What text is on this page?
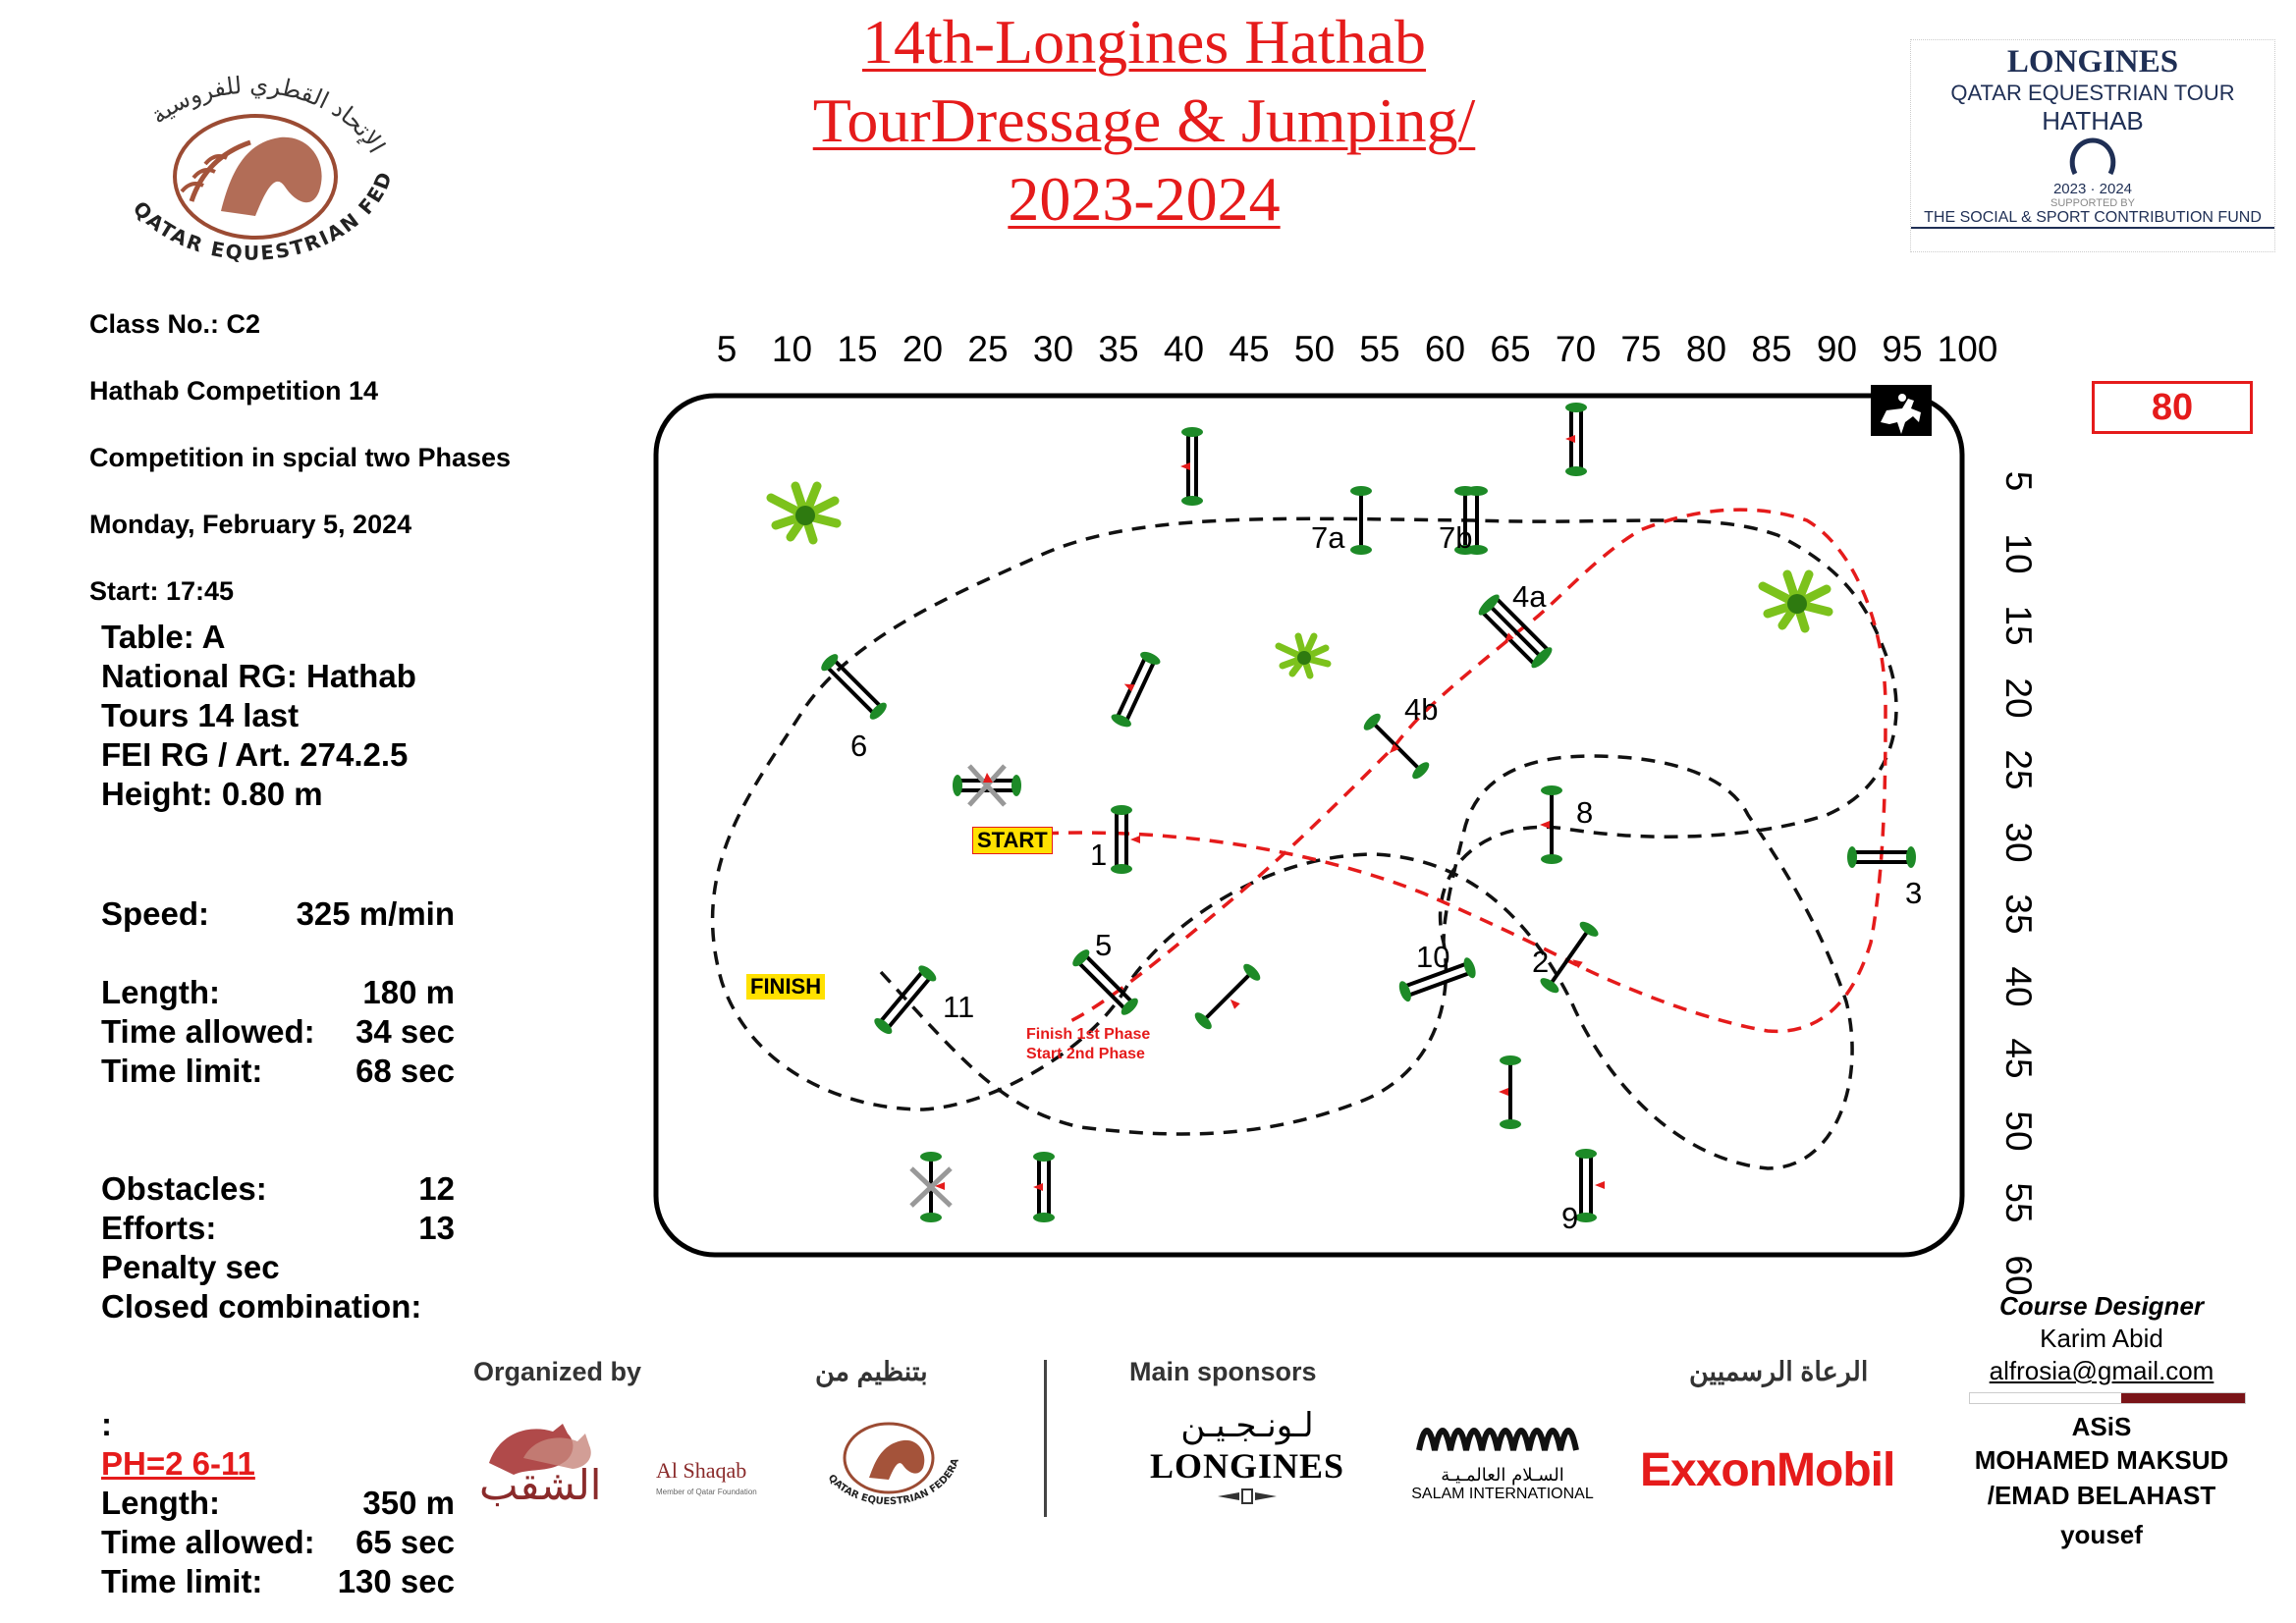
الإتحاد القطري للفروسية
QATAR EQUESTRIAN FED
14th-Longines Hathab
TourDressage & Jumping/
2023-2024
LONGINES
QATAR EQUESTRIAN TOUR
HATHAB
2023 · 2024
SUPPORTED BY
THE SOCIAL & SPORT CONTRIBUTION FUND
Class No.: C2
Hathab Competition 14
Competition in spcial two Phases
Monday, February 5, 2024
Start: 17:45
Table: A
National RG: Hathab
Tours 14 last
FEI RG / Art. 274.2.5
Height: 0.80 m
Speed:	325 m/min
Length:	180 m
Time allowed: 34 sec
Time limit:	68 sec
Obstacles:	12
Efforts:	13
Penalty sec
Closed combination:
:
PH=2 6-11
Length:	350 m
Time allowed: 65 sec
Time limit: 130 sec
5 10 15 20 25 30 35 40 45 50 55 60 65 70 75 80 85 90 95 100
5
10
15
20
25
30
35
40
45
50
55
60
80
1
2
3
4a
4b
5
6
7a	7b
8
9
10
11
START
FINISH
Finish 1st Phase
Start 2nd Phase
Course Designer
Karim Abid
alfrosia@gmail.com
ASiS
MOHAMED MAKSUD
/EMAD BELAHAST
yousef
Organized by	بتنظيم من	Main sponsors	الرعاة الرسميين
الشقب	Al Shaqab
Member of Qatar Foundation
QATAR EQUESTRIAN FEDERA
لـونـجـيـن
LONGINES	السـلام العالمـيـة
SALAM INTERNATIONAL ExxonMobil
